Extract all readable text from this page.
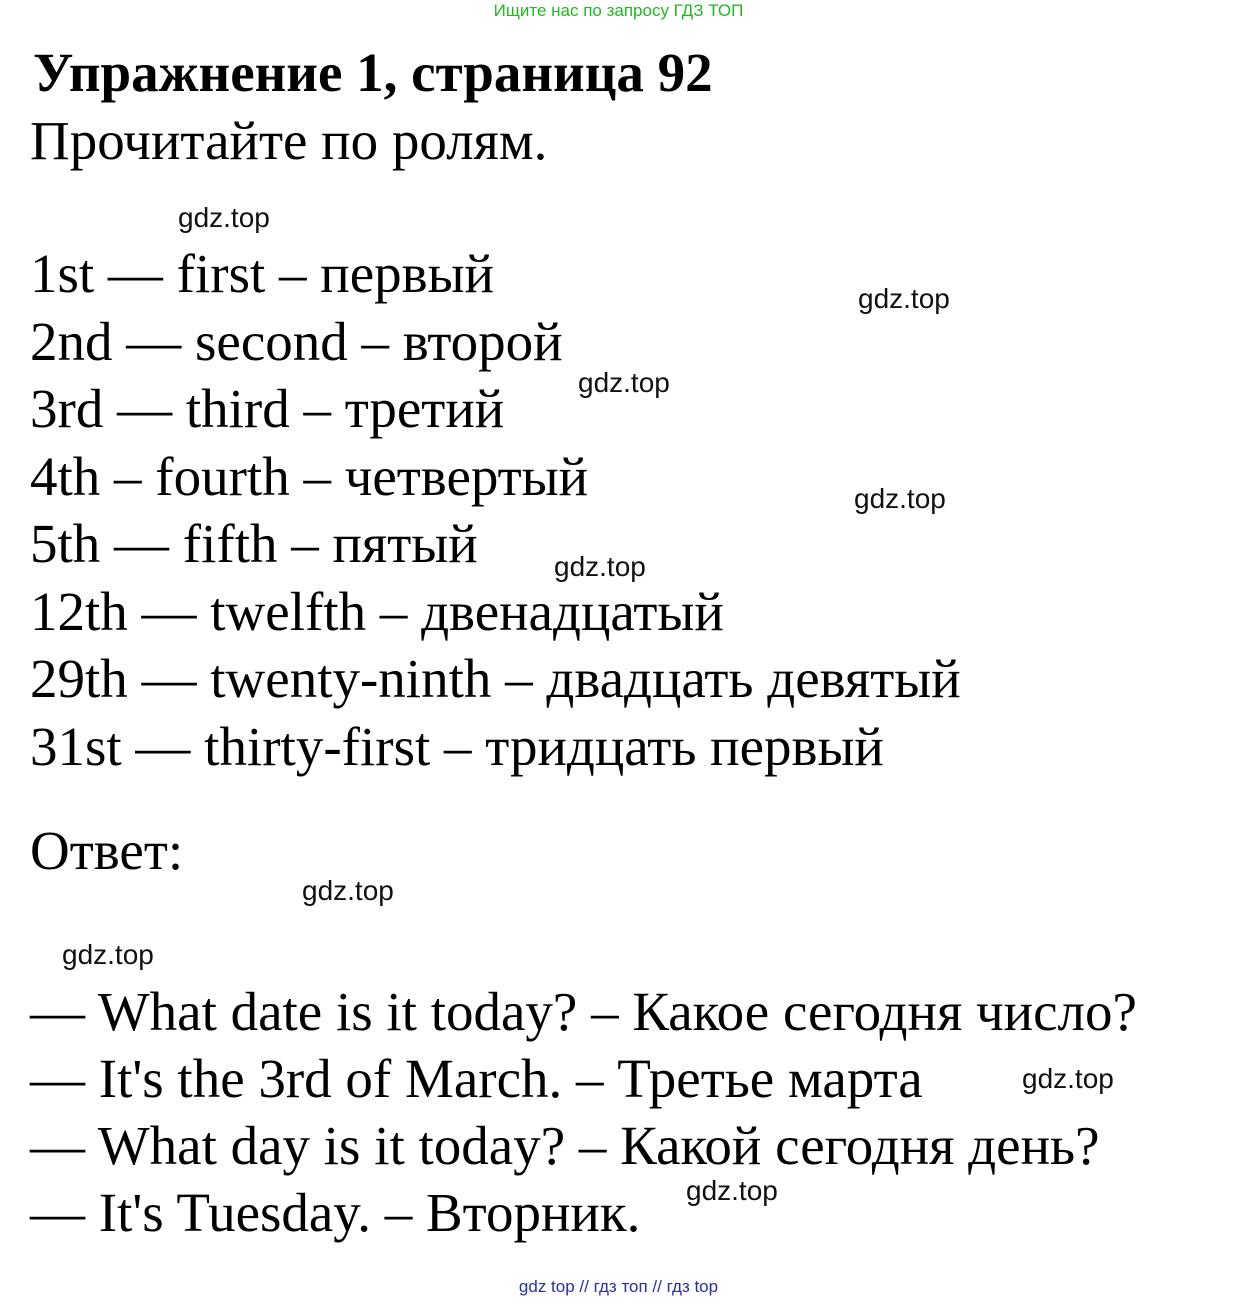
Ищите нас по запросу ГДЗ ТОП
Упражнение 1, страница 92
Прочитайте по ролям.
1st — first – первый
2nd — second – второй
3rd — third – третий
4th – fourth – четвертый
5th — fifth – пятый
12th — twelfth – двенадцатый
29th — twenty-ninth – двадцать девятый
31st — thirty-first – тридцать первый
Ответ:
— What date is it today? – Какое сегодня число?
— It's the 3rd of March. – Третье марта
— What day is it today? – Какой сегодня день?
— It's Tuesday. – Вторник.
gdz.top
gdz.top
gdz.top
gdz.top
gdz.top
gdz.top
gdz.top
gdz.top
gdz.top
gdz top // гдз топ // гдз top
